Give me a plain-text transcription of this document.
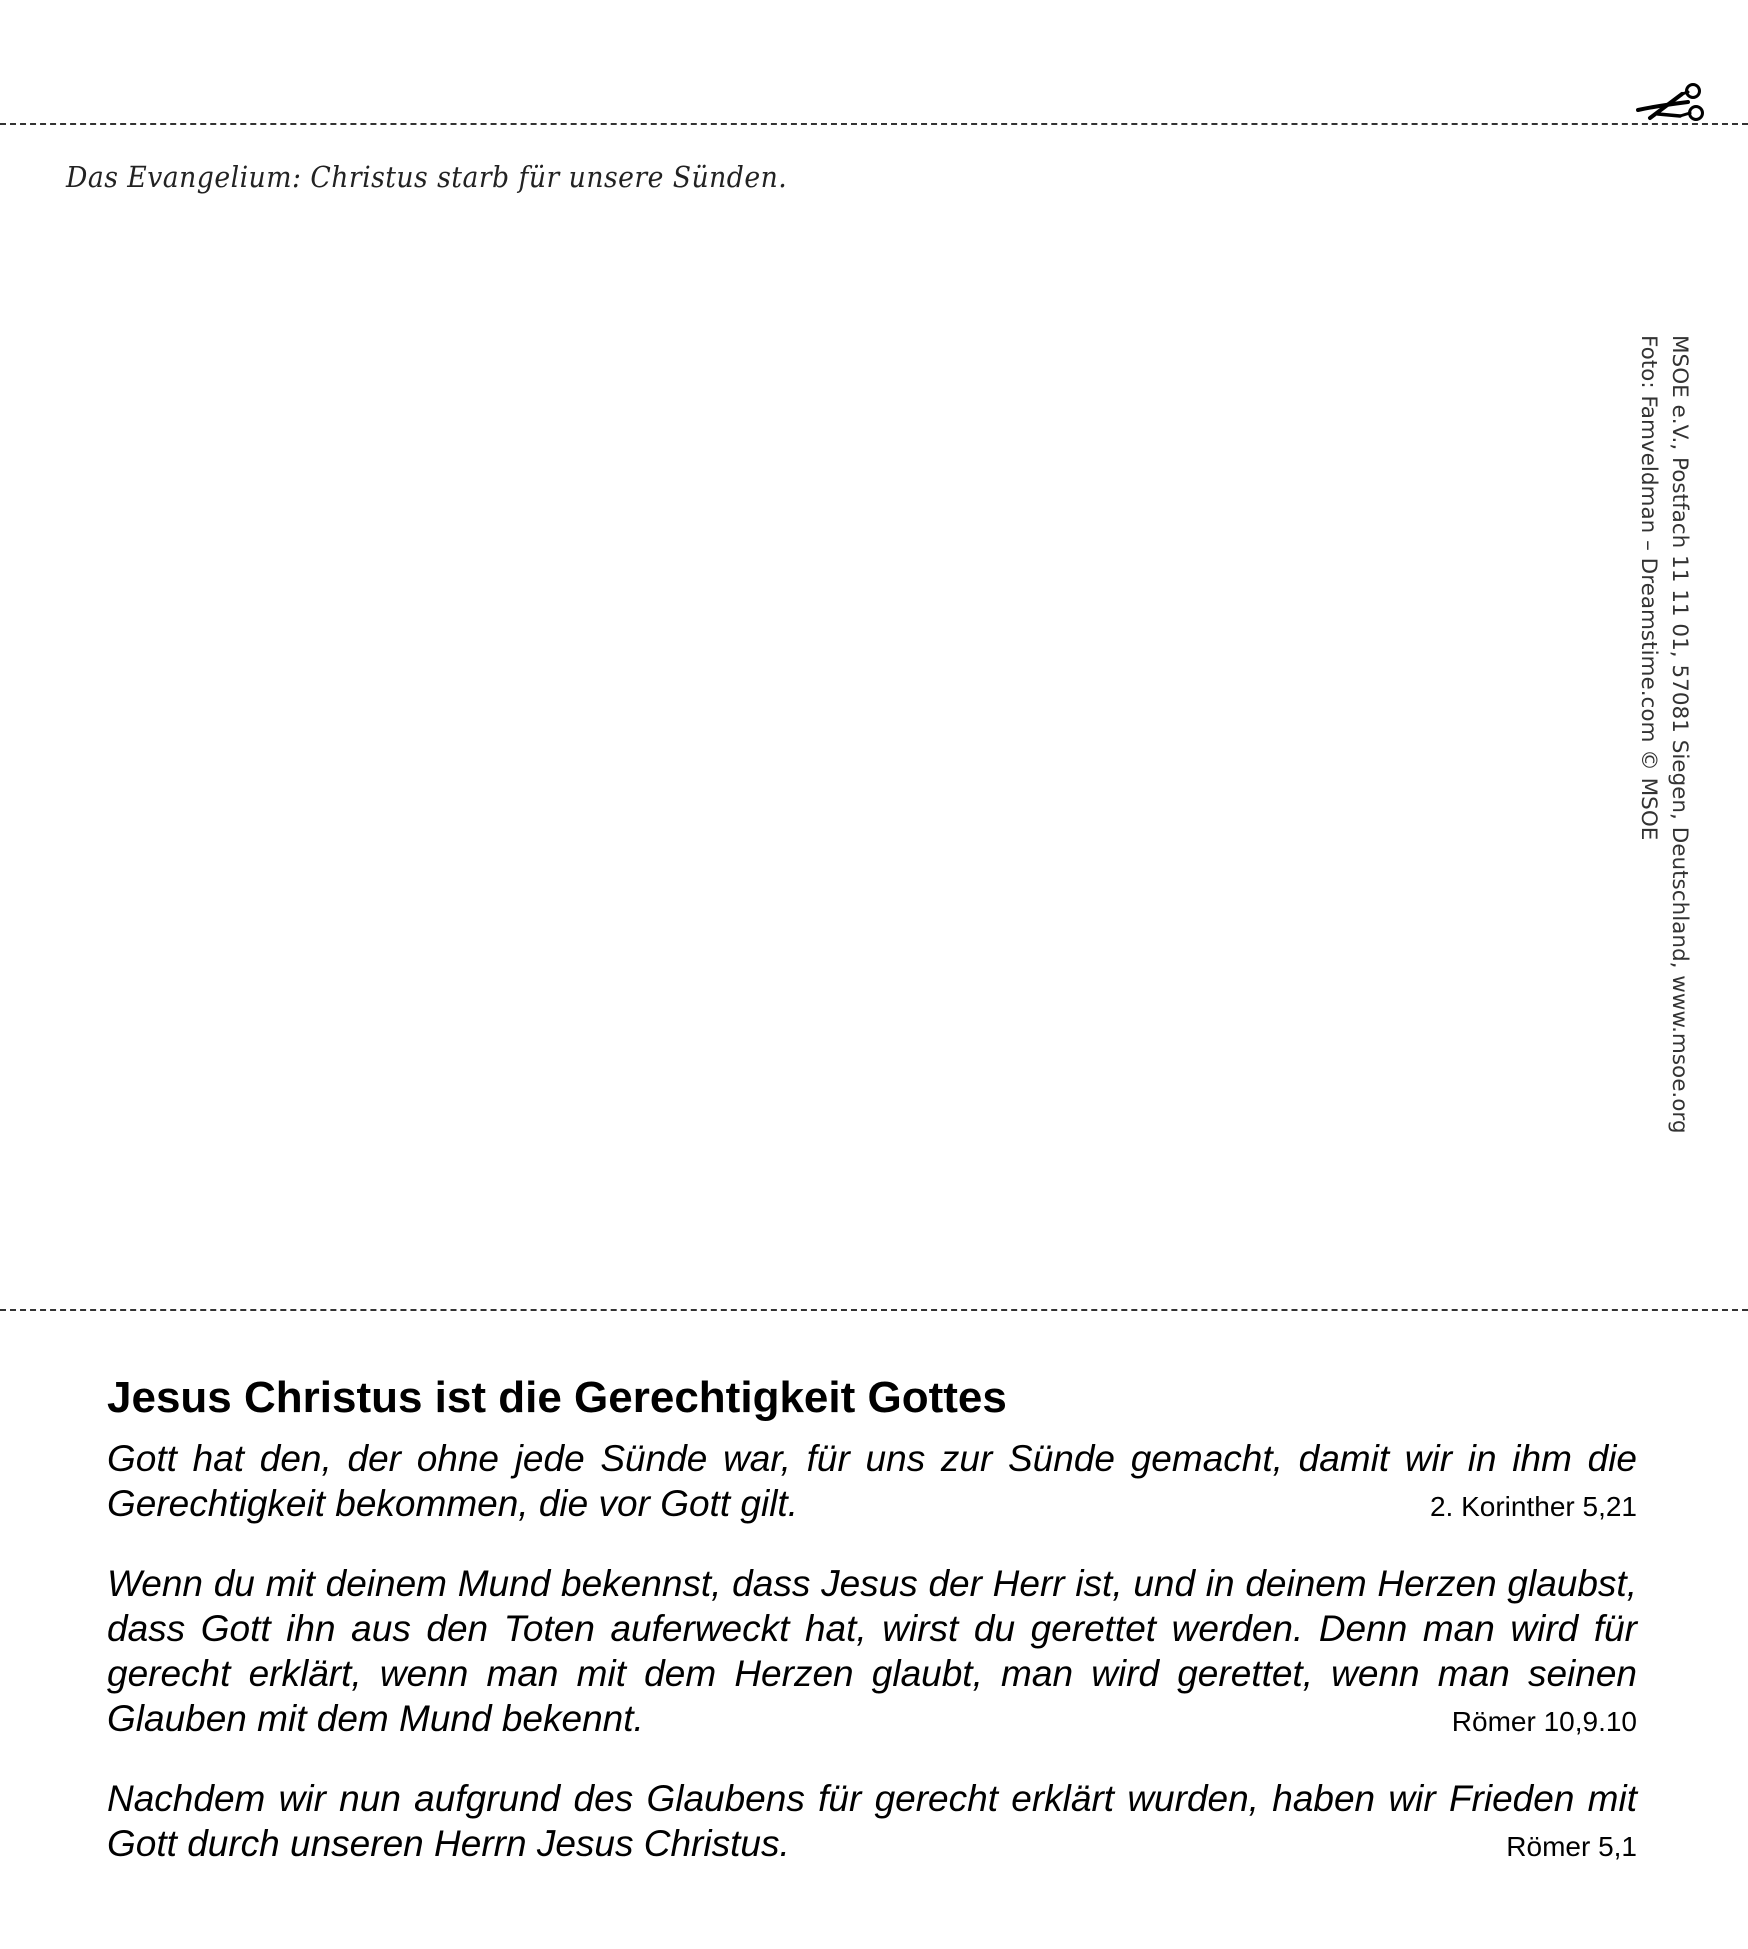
Das Evangelium: Christus starb für unsere Sünden.
MSOE e.V., Postfach 11 11 01, 57081 Siegen, Deutschland, www.msoe.org
Foto: Famveldman – Dreamstime.com © MSOE
Jesus Christus ist die Gerechtigkeit Gottes
Gott hat den, der ohne jede Sünde war, für uns zur Sünde gemacht, damit wir in ihm die Gerechtigkeit bekommen, die vor Gott gilt.	2. Korinther 5,21
Wenn du mit deinem Mund bekennst, dass Jesus der Herr ist, und in deinem Herzen glaubst, dass Gott ihn aus den Toten auferweckt hat, wirst du gerettet werden. Denn man wird für gerecht erklärt, wenn man mit dem Herzen glaubt, man wird gerettet, wenn man seinen Glauben mit dem Mund bekennt.	Römer 10,9.10
Nachdem wir nun aufgrund des Glaubens für gerecht erklärt wurden, haben wir Frieden mit Gott durch unseren Herrn Jesus Christus.	Römer 5,1
